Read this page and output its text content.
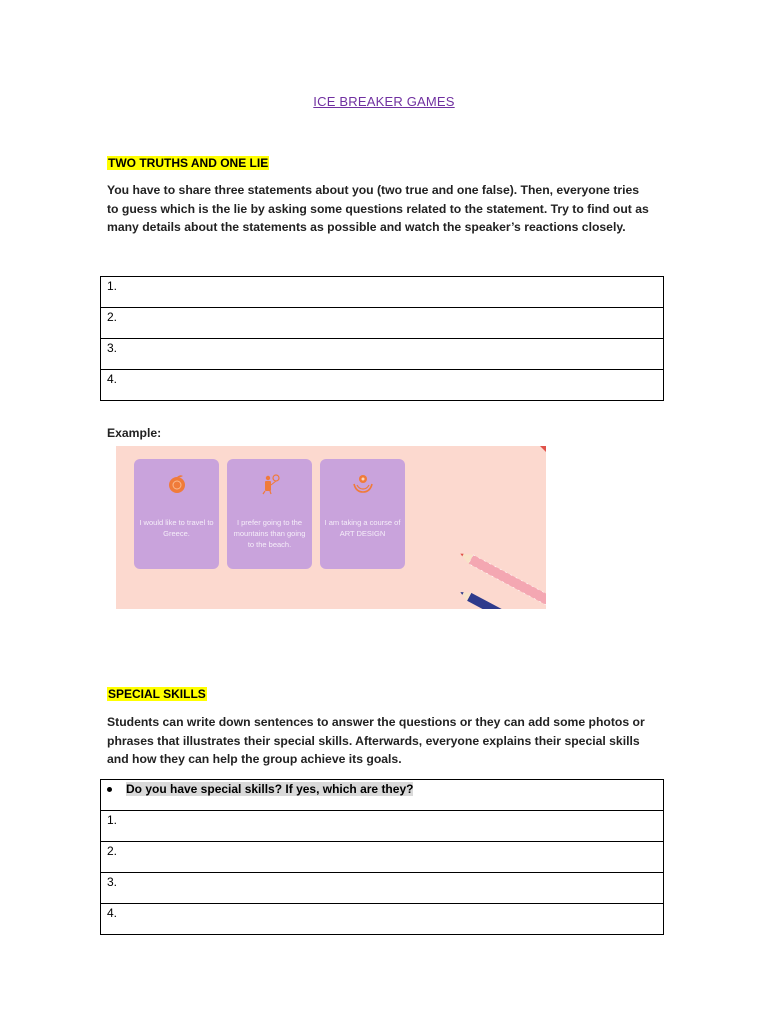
ICE BREAKER GAMES
TWO TRUTHS AND ONE LIE
You have to share three statements about you (two true and one false). Then, everyone tries to guess which is the lie by asking some questions related to the statement. Try to find out as many details about the statements as possible and watch the speaker’s reactions closely.
1.
2.
3.
4.
Example:
I would like to travel to Greece.
I prefer going to the mountains than going to the beach.
I am taking a course of ART DESIGN
SPECIAL SKILLS
Students can write down sentences to answer the questions or they can add some photos or phrases that illustrates their special skills. Afterwards, everyone explains their special skills and how they can help the group achieve its goals.
Do you have special skills? If yes, which are they?
1.
2.
3.
4.
